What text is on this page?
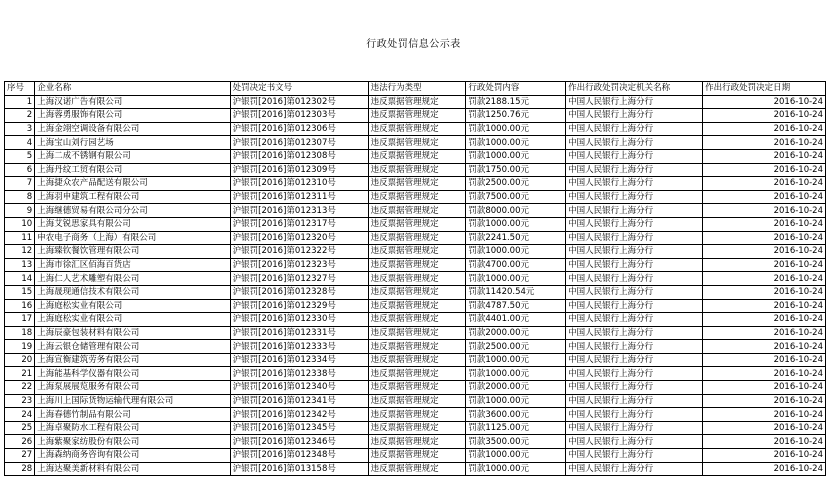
行政处罚信息公示表
序号	企业名称	处罚决定书文号	违法行为类型	行政处罚内容	作出行政处罚决定机关名称	作出行政处罚决定日期
1	上海汉诺广告有限公司	沪银罚[2016]第012302号	违反票据管理规定	罚款2188.15元	中国人民银行上海分行	2016-10-24
2	上海蓉勇服饰有限公司	沪银罚[2016]第012303号	违反票据管理规定	罚款1250.76元	中国人民银行上海分行	2016-10-24
3	上海金翊空调设备有限公司	沪银罚[2016]第012306号	违反票据管理规定	罚款1000.00元	中国人民银行上海分行	2016-10-24
4	上海宝山刘行园艺场	沪银罚[2016]第012307号	违反票据管理规定	罚款1000.00元	中国人民银行上海分行	2016-10-24
5	上海二成不锈钢有限公司	沪银罚[2016]第012308号	违反票据管理规定	罚款1000.00元	中国人民银行上海分行	2016-10-24
6	上海丹纹工贸有限公司	沪银罚[2016]第012309号	违反票据管理规定	罚款1750.00元	中国人民银行上海分行	2016-10-24
7	上海捷众农产品配送有限公司	沪银罚[2016]第012310号	违反票据管理规定	罚款2500.00元	中国人民银行上海分行	2016-10-24
8	上海羽申建筑工程有限公司	沪银罚[2016]第012311号	违反票据管理规定	罚款7500.00元	中国人民银行上海分行	2016-10-24
9	上海继德贸易有限公司分公司	沪银罚[2016]第012313号	违反票据管理规定	罚款8000.00元	中国人民银行上海分行	2016-10-24
10	上海艾锐思家具有限公司	沪银罚[2016]第012317号	违反票据管理规定	罚款1000.00元	中国人民银行上海分行	2016-10-24
11	申农电子商务（上海）有限公司	沪银罚[2016]第012320号	违反票据管理规定	罚款2241.50元	中国人民银行上海分行	2016-10-24
12	上海臻钦餐饮管理有限公司	沪银罚[2016]第012322号	违反票据管理规定	罚款1000.00元	中国人民银行上海分行	2016-10-24
13	上海市徐汇区佰海百货店	沪银罚[2016]第012323号	违反票据管理规定	罚款4700.00元	中国人民银行上海分行	2016-10-24
14	上海仁人艺术雕塑有限公司	沪银罚[2016]第012327号	违反票据管理规定	罚款1000.00元	中国人民银行上海分行	2016-10-24
15	上海晟现通信技术有限公司	沪银罚[2016]第012328号	违反票据管理规定	罚款11420.54元	中国人民银行上海分行	2016-10-24
16	上海庭松实业有限公司	沪银罚[2016]第012329号	违反票据管理规定	罚款4787.50元	中国人民银行上海分行	2016-10-24
17	上海庭松实业有限公司	沪银罚[2016]第012330号	违反票据管理规定	罚款4401.00元	中国人民银行上海分行	2016-10-24
18	上海辰豪包装材料有限公司	沪银罚[2016]第012331号	违反票据管理规定	罚款2000.00元	中国人民银行上海分行	2016-10-24
19	上海云银仓储管理有限公司	沪银罚[2016]第012333号	违反票据管理规定	罚款2500.00元	中国人民银行上海分行	2016-10-24
20	上海宣衡建筑劳务有限公司	沪银罚[2016]第012334号	违反票据管理规定	罚款1000.00元	中国人民银行上海分行	2016-10-24
21	上海能基科学仪器有限公司	沪银罚[2016]第012338号	违反票据管理规定	罚款1000.00元	中国人民银行上海分行	2016-10-24
22	上海泵展展览服务有限公司	沪银罚[2016]第012340号	违反票据管理规定	罚款2000.00元	中国人民银行上海分行	2016-10-24
23	上海川上国际货物运输代理有限公司	沪银罚[2016]第012341号	违反票据管理规定	罚款1000.00元	中国人民银行上海分行	2016-10-24
24	上海春德竹制品有限公司	沪银罚[2016]第012342号	违反票据管理规定	罚款3600.00元	中国人民银行上海分行	2016-10-24
25	上海卓聚防水工程有限公司	沪银罚[2016]第012345号	违反票据管理规定	罚款1125.00元	中国人民银行上海分行	2016-10-24
26	上海紫聚家纺股份有限公司	沪银罚[2016]第012346号	违反票据管理规定	罚款3500.00元	中国人民银行上海分行	2016-10-24
27	上海森纳商务咨询有限公司	沪银罚[2016]第012348号	违反票据管理规定	罚款1000.00元	中国人民银行上海分行	2016-10-24
28	上海达聚美新材料有限公司	沪银罚[2016]第013158号	违反票据管理规定	罚款1000.00元	中国人民银行上海分行	2016-10-24
